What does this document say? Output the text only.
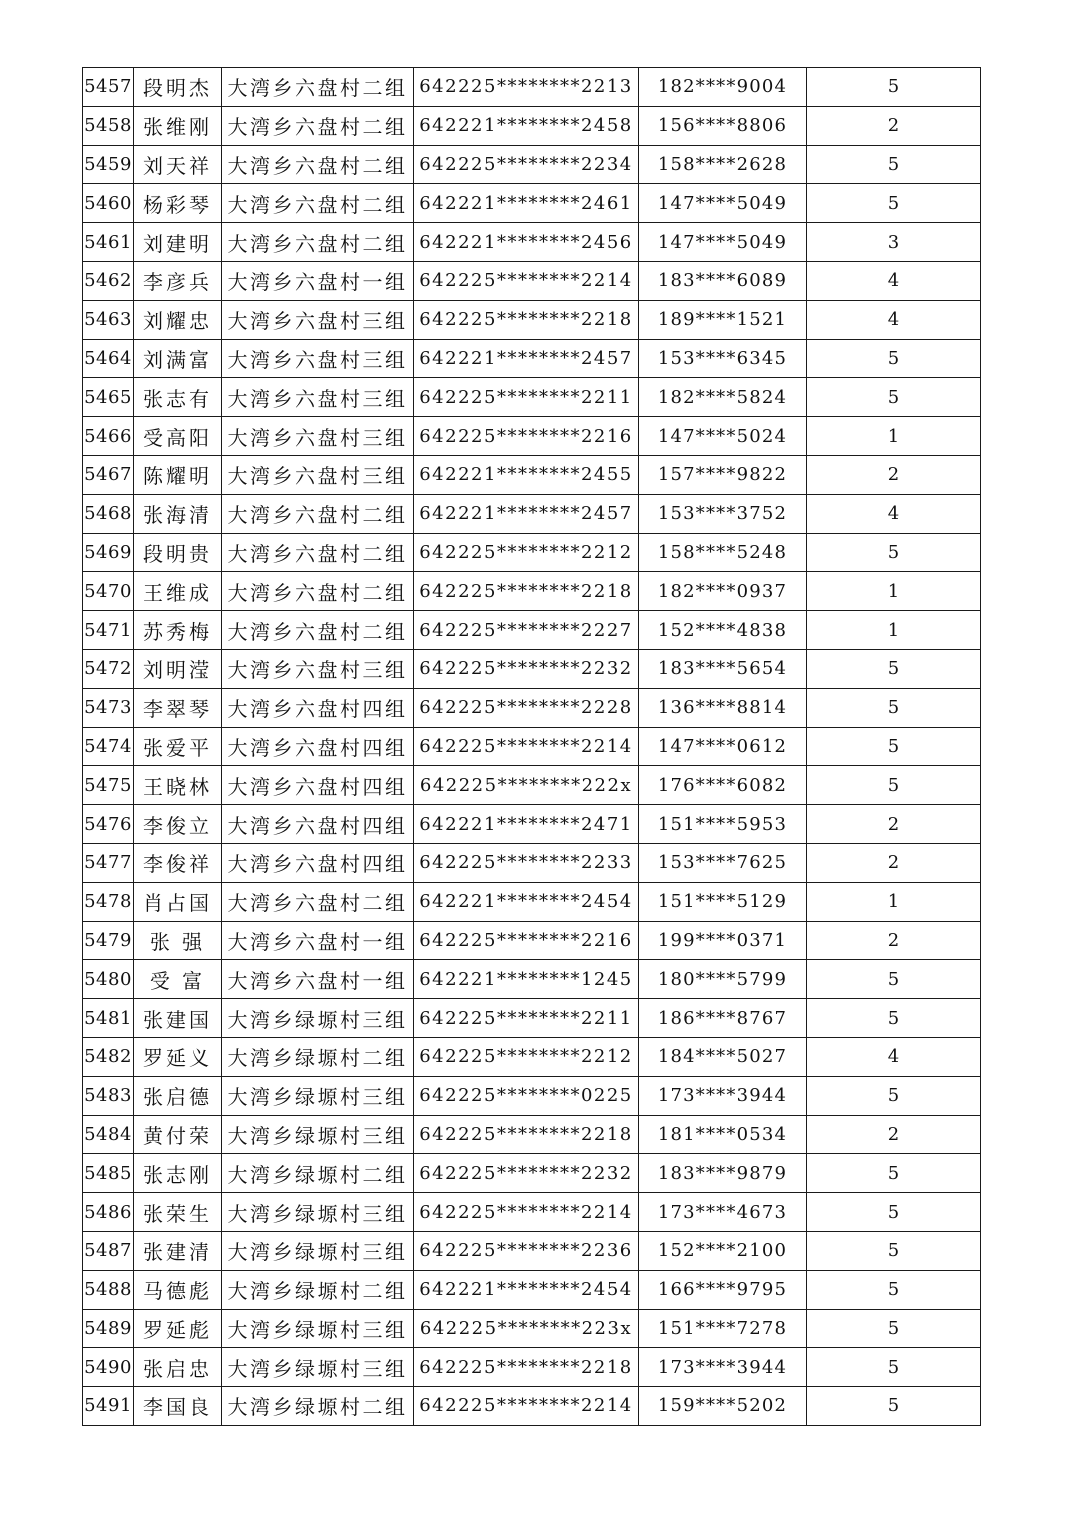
5457	段明杰	大湾乡六盘村二组	642225********2213	182****9004	5
5458	张维刚	大湾乡六盘村二组	642221********2458	156****8806	2
5459	刘天祥	大湾乡六盘村二组	642225********2234	158****2628	5
5460	杨彩琴	大湾乡六盘村二组	642221********2461	147****5049	5
5461	刘建明	大湾乡六盘村二组	642221********2456	147****5049	3
5462	李彦兵	大湾乡六盘村一组	642225********2214	183****6089	4
5463	刘耀忠	大湾乡六盘村三组	642225********2218	189****1521	4
5464	刘满富	大湾乡六盘村三组	642221********2457	153****6345	5
5465	张志有	大湾乡六盘村三组	642225********2211	182****5824	5
5466	受高阳	大湾乡六盘村三组	642225********2216	147****5024	1
5467	陈耀明	大湾乡六盘村三组	642221********2455	157****9822	2
5468	张海清	大湾乡六盘村二组	642221********2457	153****3752	4
5469	段明贵	大湾乡六盘村二组	642225********2212	158****5248	5
5470	王维成	大湾乡六盘村二组	642225********2218	182****0937	1
5471	苏秀梅	大湾乡六盘村二组	642225********2227	152****4838	1
5472	刘明滢	大湾乡六盘村三组	642225********2232	183****5654	5
5473	李翠琴	大湾乡六盘村四组	642225********2228	136****8814	5
5474	张爱平	大湾乡六盘村四组	642225********2214	147****0612	5
5475	王晓林	大湾乡六盘村四组	642225********222x	176****6082	5
5476	李俊立	大湾乡六盘村四组	642221********2471	151****5953	2
5477	李俊祥	大湾乡六盘村四组	642225********2233	153****7625	2
5478	肖占国	大湾乡六盘村二组	642221********2454	151****5129	1
5479	张 强	大湾乡六盘村一组	642225********2216	199****0371	2
5480	受 富	大湾乡六盘村一组	642221********1245	180****5799	5
5481	张建国	大湾乡绿塬村三组	642225********2211	186****8767	5
5482	罗延义	大湾乡绿塬村二组	642225********2212	184****5027	4
5483	张启德	大湾乡绿塬村三组	642225********0225	173****3944	5
5484	黄付荣	大湾乡绿塬村三组	642225********2218	181****0534	2
5485	张志刚	大湾乡绿塬村二组	642225********2232	183****9879	5
5486	张荣生	大湾乡绿塬村三组	642225********2214	173****4673	5
5487	张建清	大湾乡绿塬村三组	642225********2236	152****2100	5
5488	马德彪	大湾乡绿塬村二组	642221********2454	166****9795	5
5489	罗延彪	大湾乡绿塬村三组	642225********223x	151****7278	5
5490	张启忠	大湾乡绿塬村三组	642225********2218	173****3944	5
5491	李国良	大湾乡绿塬村二组	642225********2214	159****5202	5
